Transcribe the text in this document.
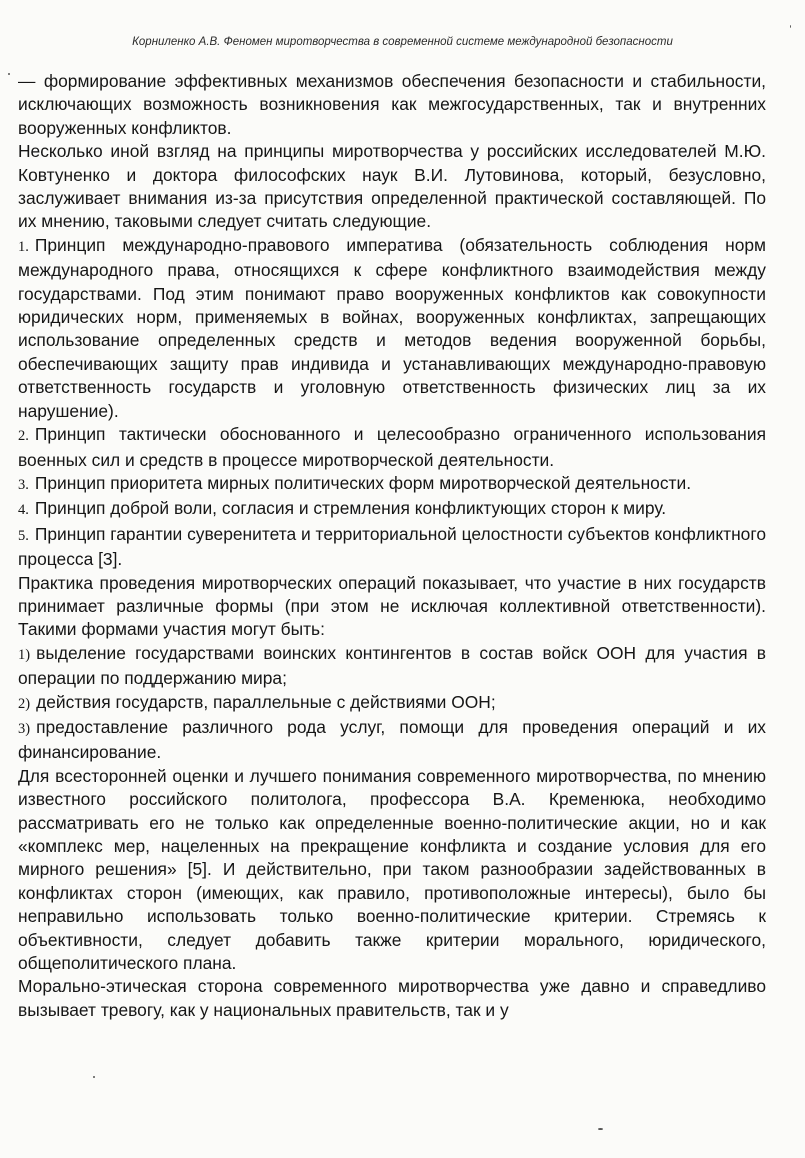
Корниленко А.В. Феномен миротворчества в современной системе международной безопасности

— формирование эффективных механизмов обеспечения безопасности и стабильности, исключающих возможность возникновения как межгосударственных, так и внутренних вооруженных конфликтов.

Несколько иной взгляд на принципы миротворчества у российских исследователей М.Ю. Ковтуненко и доктора философских наук В.И. Лутовинова, который, безусловно, заслуживает внимания из-за присутствия определенной практической составляющей. По их мнению, таковыми следует считать следующие.

1. Принцип международно-правового императива (обязательность соблюдения норм международного права, относящихся к сфере конфликтного взаимодействия между государствами. Под этим понимают право вооруженных конфликтов как совокупности юридических норм, применяемых в войнах, вооруженных конфликтах, запрещающих использование определенных средств и методов ведения вооруженной борьбы, обеспечивающих защиту прав индивида и устанавливающих международно-правовую ответственность государств и уголовную ответственность физических лиц за их нарушение).

2. Принцип тактически обоснованного и целесообразно ограниченного использования военных сил и средств в процессе миротворческой деятельности.

3. Принцип приоритета мирных политических форм миротворческой деятельности.

4. Принцип доброй воли, согласия и стремления конфликтующих сторон к миру.

5. Принцип гарантии суверенитета и территориальной целостности субъектов конфликтного процесса [3].

Практика проведения миротворческих операций показывает, что участие в них государств принимает различные формы (при этом не исключая коллективной ответственности). Такими формами участия могут быть:

1) выделение государствами воинских контингентов в состав войск ООН для участия в операции по поддержанию мира;

2) действия государств, параллельные с действиями ООН;

3) предоставление различного рода услуг, помощи для проведения операций и их финансирование.

Для всесторонней оценки и лучшего понимания современного миротворчества, по мнению известного российского политолога, профессора В.А. Кременюка, необходимо рассматривать его не только как определенные военно-политические акции, но и как «комплекс мер, нацеленных на прекращение конфликта и создание условия для его мирного решения» [5]. И действительно, при таком разнообразии задействованных в конфликтах сторон (имеющих, как правило, противоположные интересы), было бы неправильно использовать только военно-политические критерии. Стремясь к объективности, следует добавить также критерии морального, юридического, общеполитического плана.

Морально-этическая сторона современного миротворчества уже давно и справедливо вызывает тревогу, как у национальных правительств, так и у
